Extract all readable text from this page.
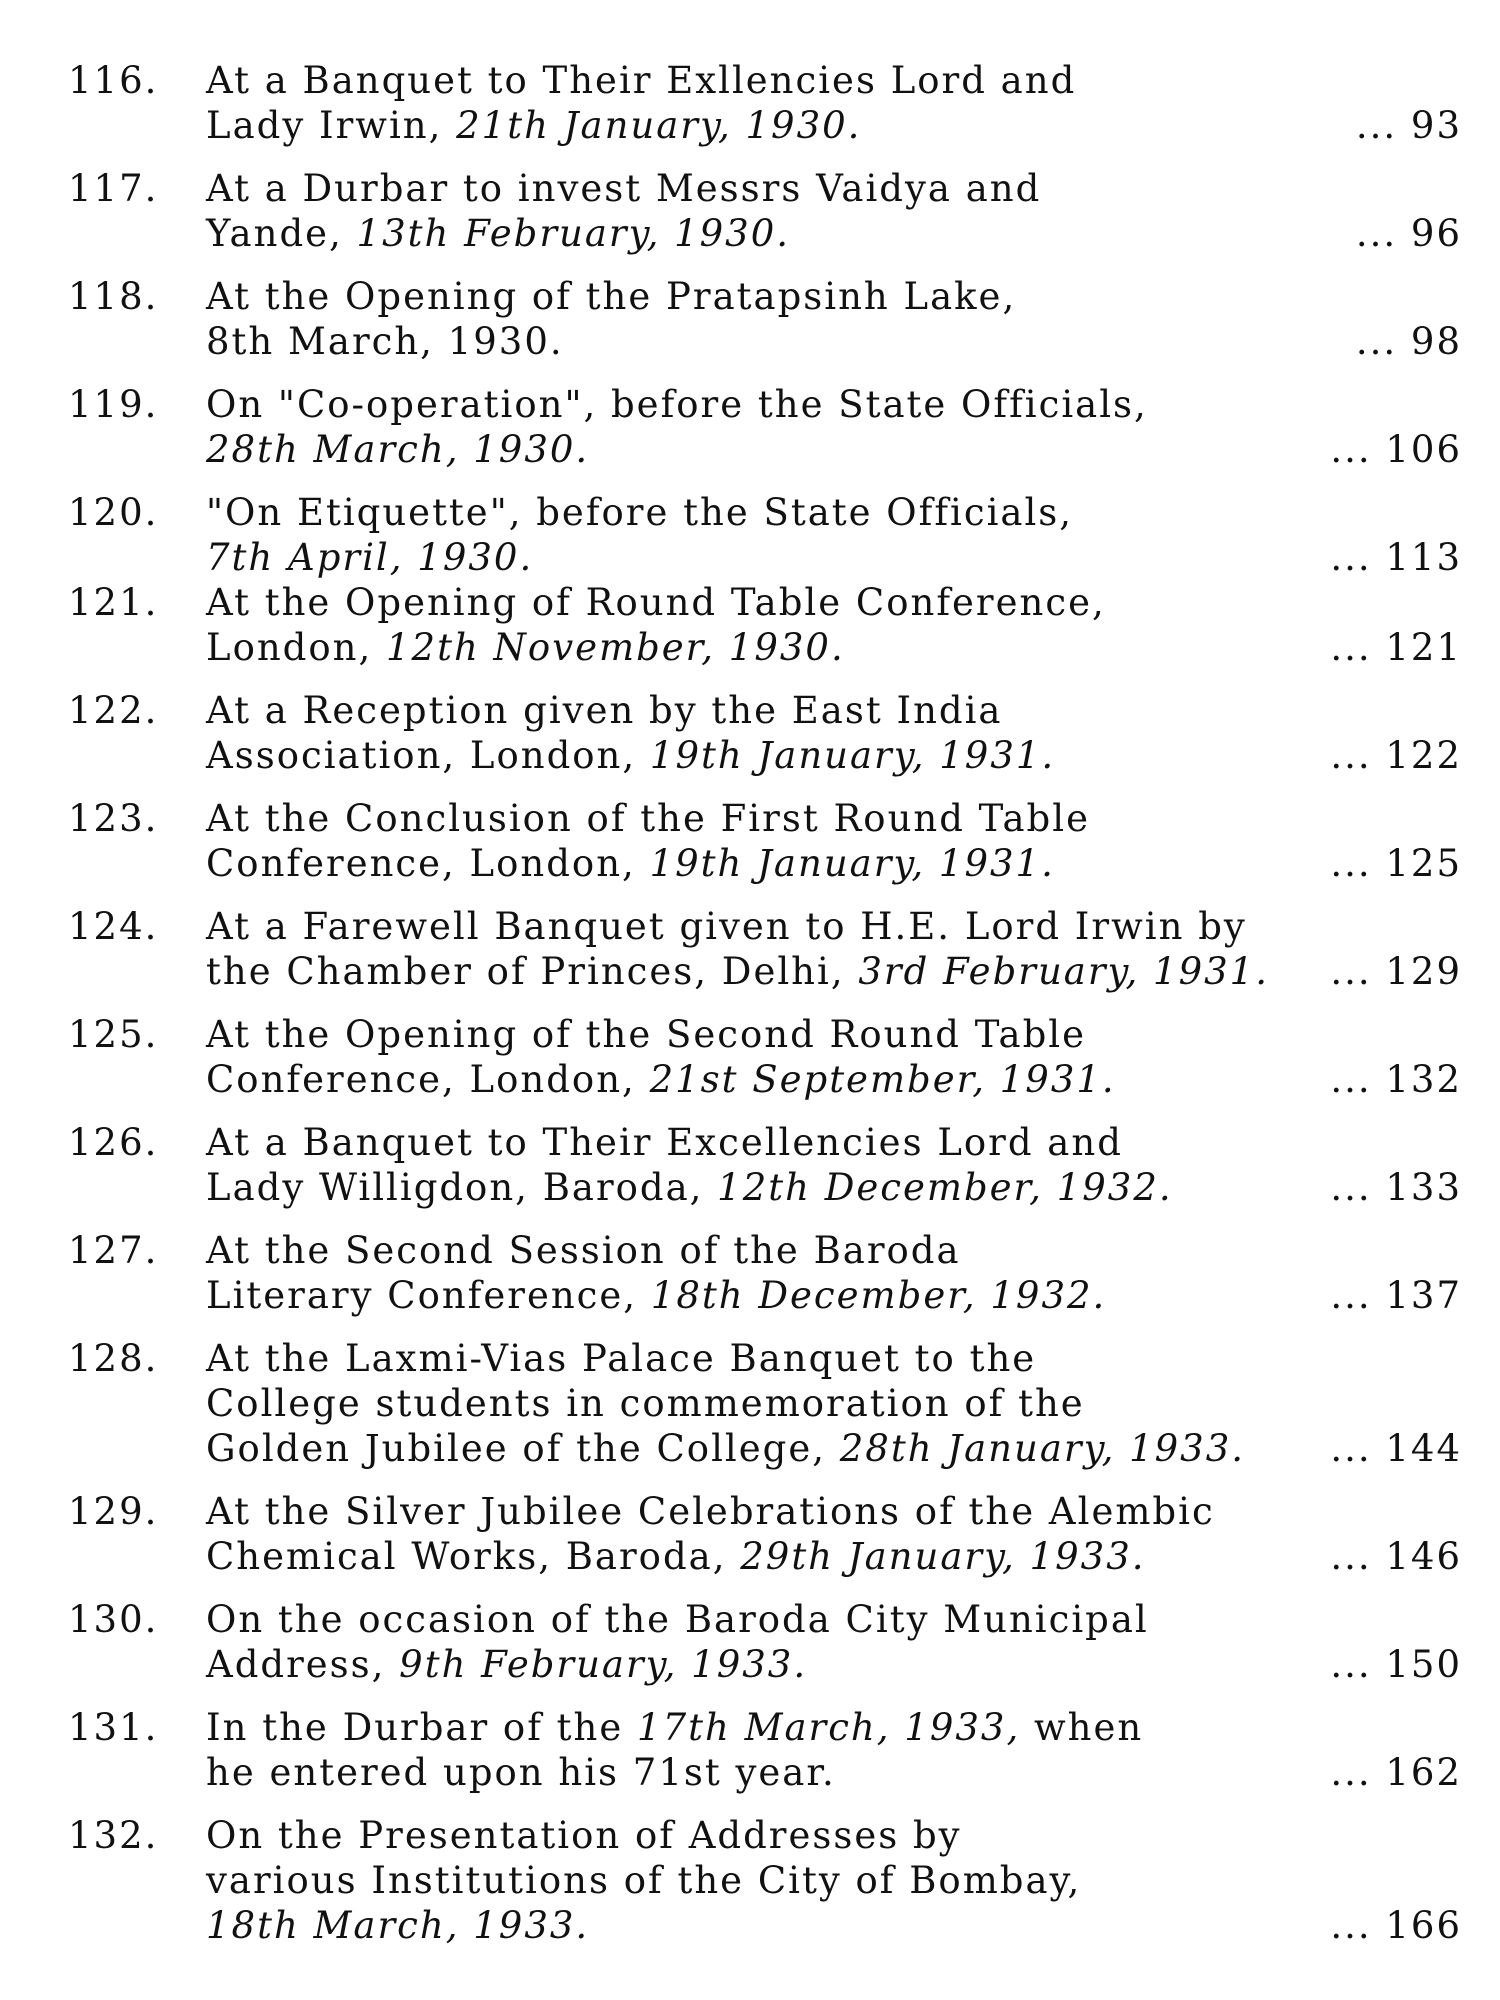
116. At a Banquet to Their Exllencies Lord and
Lady Irwin, 21th January, 1930.	... 93
117. At a Durbar to invest Messrs Vaidya and
Yande, 13th February, 1930.	... 96
118. At the Opening of the Pratapsinh Lake,
8th March, 1930.	... 98
119. On "Co-operation", before the State Officials,
28th March, 1930.	... 106
120. "On Etiquette", before the State Officials,
7th April, 1930.	... 113
121. At the Opening of Round Table Conference,
London, 12th November, 1930.	... 121
122. At a Reception given by the East India
Association, London, 19th January, 1931.	... 122
123. At the Conclusion of the First Round Table
Conference, London, 19th January, 1931.	... 125
124. At a Farewell Banquet given to H.E. Lord Irwin by
the Chamber of Princes, Delhi, 3rd February, 1931.	... 129
125. At the Opening of the Second Round Table
Conference, London, 21st September, 1931.	... 132
126. At a Banquet to Their Excellencies Lord and
Lady Willigdon, Baroda, 12th December, 1932.	... 133
127. At the Second Session of the Baroda
Literary Conference, 18th December, 1932.	... 137
128. At the Laxmi-Vias Palace Banquet to the
College students in commemoration of the
Golden Jubilee of the College, 28th January, 1933.	... 144
129. At the Silver Jubilee Celebrations of the Alembic
Chemical Works, Baroda, 29th January, 1933.	... 146
130. On the occasion of the Baroda City Municipal
Address, 9th February, 1933.	... 150
131. In the Durbar of the 17th March, 1933, when
he entered upon his 71st year.	... 162
132. On the Presentation of Addresses by
various Institutions of the City of Bombay,
18th March, 1933.	... 166
